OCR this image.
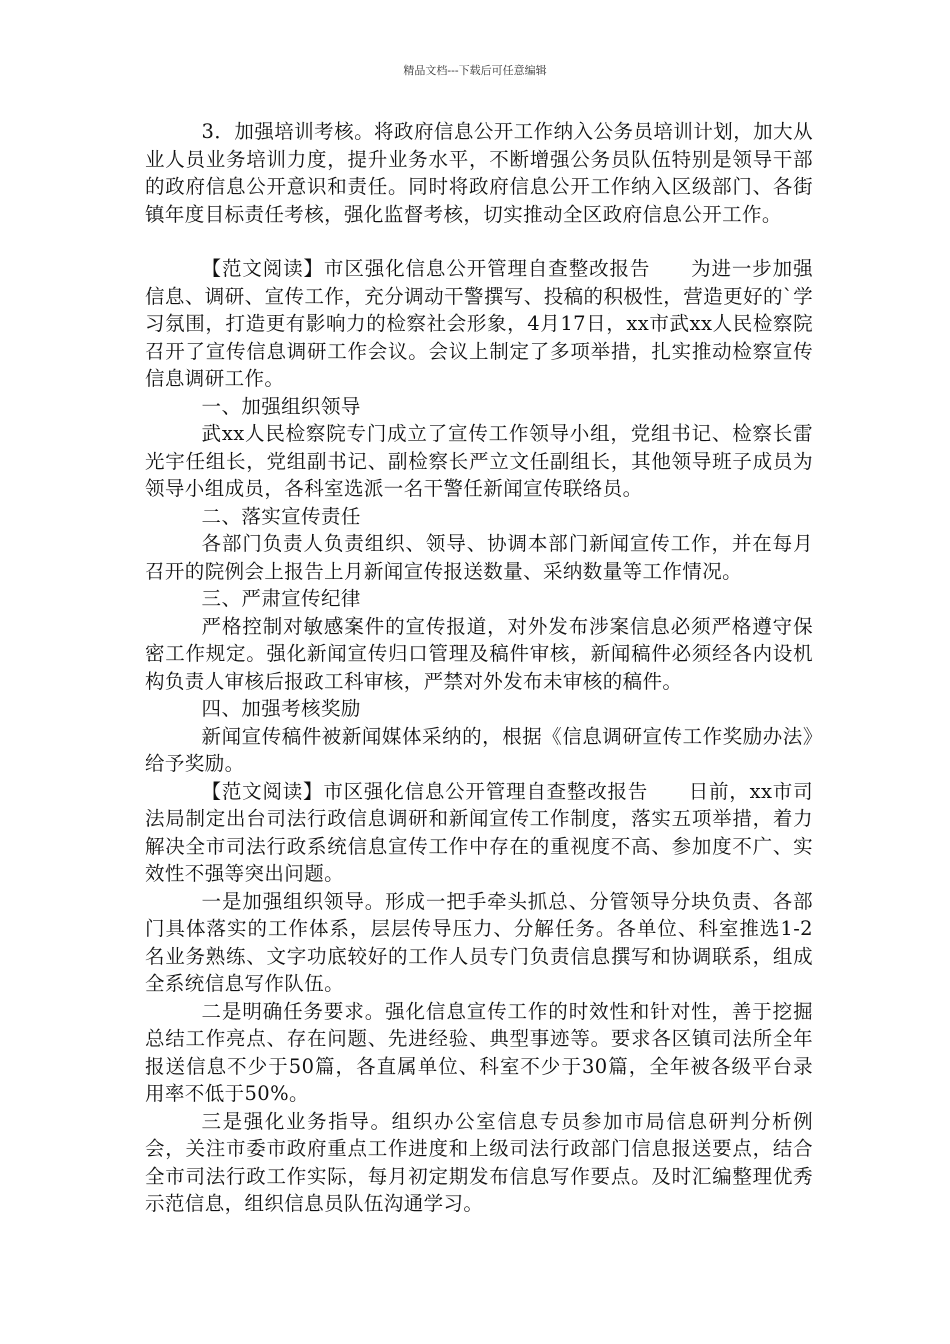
精品文档---下载后可任意编辑

3．加强培训考核。将政府信息公开工作纳入公务员培训计划，加大从业人员业务培训力度，提升业务水平，不断增强公务员队伍特别是领导干部的政府信息公开意识和责任。同时将政府信息公开工作纳入区级部门、各街镇年度目标责任考核，强化监督考核，切实推动全区政府信息公开工作。

【范文阅读】市区强化信息公开管理自查整改报告　　为进一步加强信息、调研、宣传工作，充分调动干警撰写、投稿的积极性，营造更好的`学习氛围，打造更有影响力的检察社会形象，4月17日，xx市武xx人民检察院召开了宣传信息调研工作会议。会议上制定了多项举措，扎实推动检察宣传信息调研工作。

一、加强组织领导

武xx人民检察院专门成立了宣传工作领导小组，党组书记、检察长雷光宇任组长，党组副书记、副检察长严立文任副组长，其他领导班子成员为领导小组成员，各科室选派一名干警任新闻宣传联络员。

二、落实宣传责任

各部门负责人负责组织、领导、协调本部门新闻宣传工作，并在每月召开的院例会上报告上月新闻宣传报送数量、采纳数量等工作情况。

三、严肃宣传纪律

严格控制对敏感案件的宣传报道，对外发布涉案信息必须严格遵守保密工作规定。强化新闻宣传归口管理及稿件审核，新闻稿件必须经各内设机构负责人审核后报政工科审核，严禁对外发布未审核的稿件。

四、加强考核奖励

新闻宣传稿件被新闻媒体采纳的，根据《信息调研宣传工作奖励办法》给予奖励。

【范文阅读】市区强化信息公开管理自查整改报告　　日前，xx市司法局制定出台司法行政信息调研和新闻宣传工作制度，落实五项举措，着力解决全市司法行政系统信息宣传工作中存在的重视度不高、参加度不广、实效性不强等突出问题。

一是加强组织领导。形成一把手牵头抓总、分管领导分块负责、各部门具体落实的工作体系，层层传导压力、分解任务。各单位、科室推选1-2名业务熟练、文字功底较好的工作人员专门负责信息撰写和协调联系，组成全系统信息写作队伍。

二是明确任务要求。强化信息宣传工作的时效性和针对性，善于挖掘总结工作亮点、存在问题、先进经验、典型事迹等。要求各区镇司法所全年报送信息不少于50篇，各直属单位、科室不少于30篇，全年被各级平台录用率不低于50%。

三是强化业务指导。组织办公室信息专员参加市局信息研判分析例会，关注市委市政府重点工作进度和上级司法行政部门信息报送要点，结合全市司法行政工作实际，每月初定期发布信息写作要点。及时汇编整理优秀示范信息，组织信息员队伍沟通学习。
